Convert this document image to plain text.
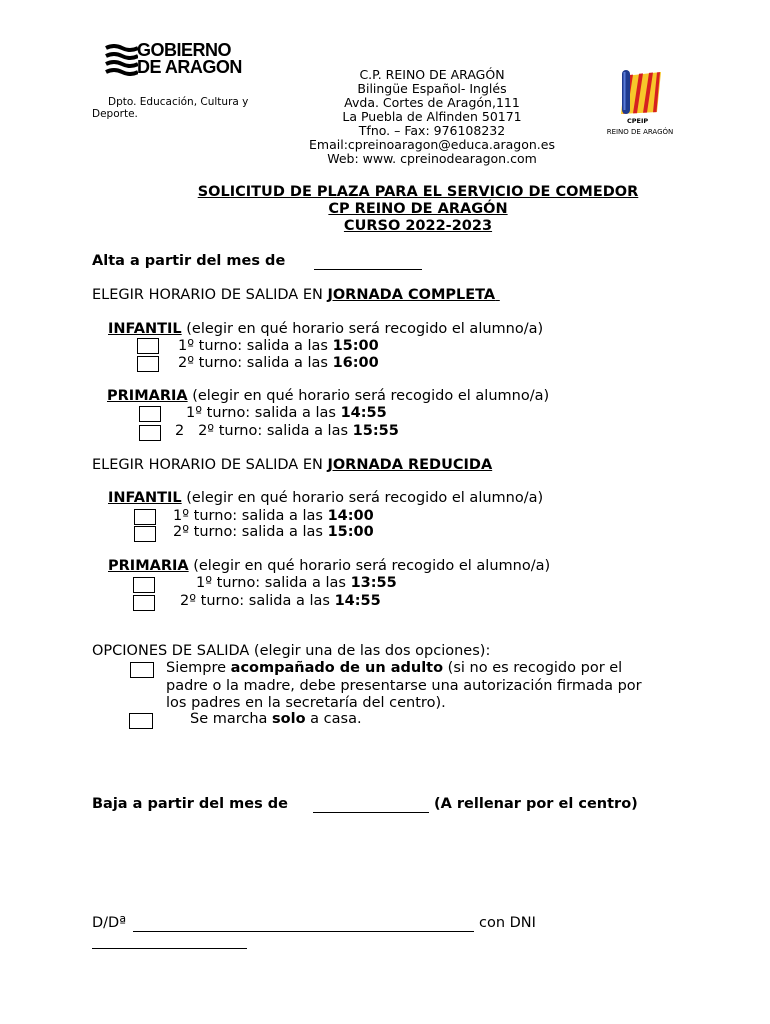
GOBIERNO
DE ARAGON
Dpto. Educación, Cultura y Deporte.
C.P. REINO DE ARAGÓN
Bilingüe Español- Inglés
Avda. Cortes de Aragón,111
La Puebla de Alfinden 50171
Tfno. – Fax: 976108232
Email:cpreinoaragon@educa.aragon.es
Web: www. cpreinodearagon.com
CPEIP
REINO DE ARAGÓN
SOLICITUD DE PLAZA PARA EL SERVICIO DE COMEDOR
CP REINO DE ARAGÓN
CURSO 2022-2023
Alta a partir del mes de
ELEGIR HORARIO DE SALIDA EN JORNADA COMPLETA
INFANTIL (elegir en qué horario será recogido el alumno/a)
1º turno: salida a las 15:00
2º turno: salida a las 16:00
PRIMARIA (elegir en qué horario será recogido el alumno/a)
1º turno: salida a las 14:55
2 2º turno: salida a las 15:55
ELEGIR HORARIO DE SALIDA EN JORNADA REDUCIDA
INFANTIL (elegir en qué horario será recogido el alumno/a)
1º turno: salida a las 14:00
2º turno: salida a las 15:00
PRIMARIA (elegir en qué horario será recogido el alumno/a)
1º turno: salida a las 13:55
2º turno: salida a las 14:55
OPCIONES DE SALIDA (elegir una de las dos opciones):
Siempre acompañado de un adulto (si no es recogido por el
padre o la madre, debe presentarse una autorización firmada por
los padres en la secretaría del centro).
Se marcha solo a casa.
Baja a partir del mes de	(A rellenar por el centro)
D/Dª	con DNI
